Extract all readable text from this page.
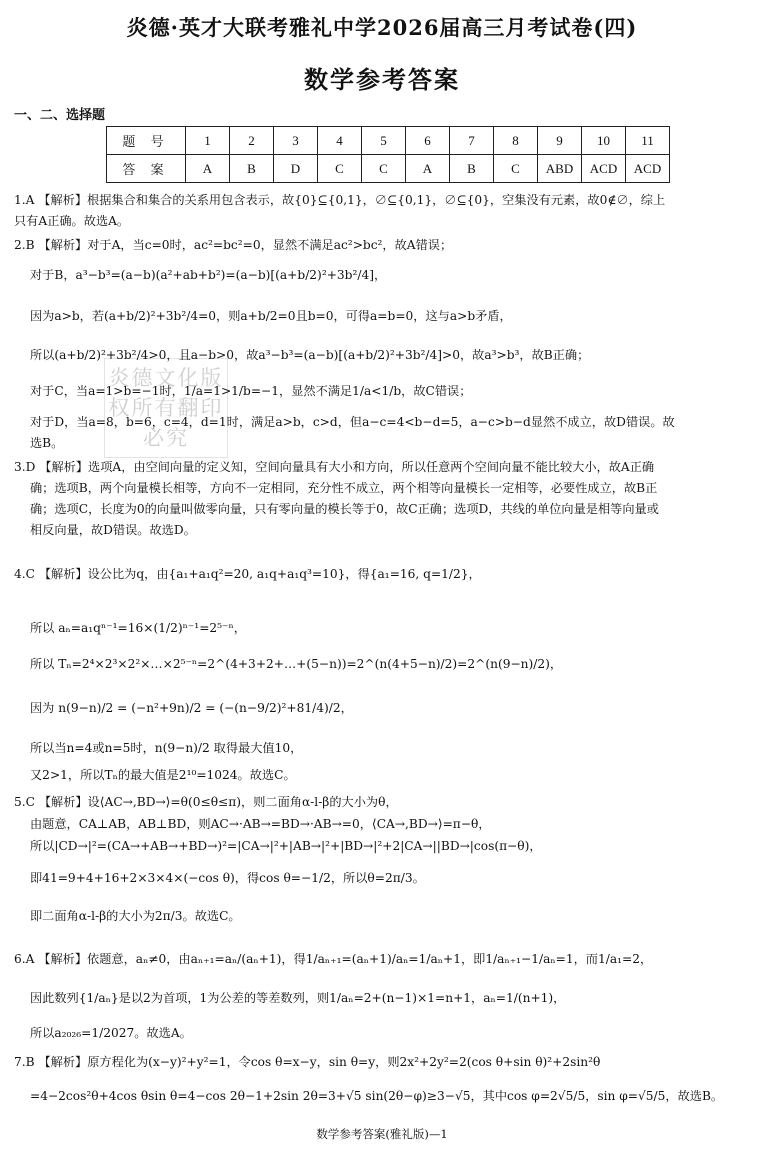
炎德·英才大联考雅礼中学2026届高三月考试卷(四)
数学参考答案
一、二、选择题
题 号	1	2	3	4	5	6	7	8	9	10	11
答 案	A	B	D	C	C	A	B	C	ABD	ACD	ACD
炎德文化版权所有翻印必究
1.A 【解析】根据集合和集合的关系用包含表示，故{0}⊆{0,1}，∅⊆{0,1}，∅⊆{0}，空集没有元素，故0∉∅，综上
只有A正确。故选A。
2.B 【解析】对于A，当c=0时，ac²=bc²=0，显然不满足ac²>bc²，故A错误；
对于B，a³−b³=(a−b)(a²+ab+b²)=(a−b)[(a+b/2)²+3b²/4]，
因为a>b，若(a+b/2)²+3b²/4=0，则a+b/2=0且b=0，可得a=b=0，这与a>b矛盾，
所以(a+b/2)²+3b²/4>0，且a−b>0，故a³−b³=(a−b)[(a+b/2)²+3b²/4]>0，故a³>b³，故B正确；
对于C，当a=1>b=−1时，1/a=1>1/b=−1，显然不满足1/a<1/b，故C错误；
对于D，当a=8，b=6，c=4，d=1时，满足a>b，c>d，但a−c=4<b−d=5，a−c>b−d显然不成立，故D错误。故
选B。
3.D 【解析】选项A，由空间向量的定义知，空间向量具有大小和方向，所以任意两个空间向量不能比较大小，故A正确
确；选项B，两个向量模长相等，方向不一定相同，充分性不成立，两个相等向量模长一定相等，必要性成立，故B正
确；选项C，长度为0的向量叫做零向量，只有零向量的模长等于0，故C正确；选项D，共线的单位向量是相等向量或
相反向量，故D错误。故选D。
4.C 【解析】设公比为q，由{a₁+a₁q²=20, a₁q+a₁q³=10}，得{a₁=16, q=1/2}，
所以 aₙ=a₁qⁿ⁻¹=16×(1/2)ⁿ⁻¹=2⁵⁻ⁿ，
所以 Tₙ=2⁴×2³×2²×…×2⁵⁻ⁿ=2^(4+3+2+…+(5−n))=2^(n(4+5−n)/2)=2^(n(9−n)/2)，
因为 n(9−n)/2 = (−n²+9n)/2 = (−(n−9/2)²+81/4)/2，
所以当n=4或n=5时，n(9−n)/2 取得最大值10，
又2>1，所以Tₙ的最大值是2¹⁰=1024。故选C。
5.C 【解析】设⟨AC→,BD→⟩=θ(0≤θ≤π)，则二面角α-l-β的大小为θ，
由题意，CA⊥AB，AB⊥BD，则AC→·AB→=BD→·AB→=0，⟨CA→,BD→⟩=π−θ，
所以|CD→|²=(CA→+AB→+BD→)²=|CA→|²+|AB→|²+|BD→|²+2|CA→||BD→|cos(π−θ)，
即41=9+4+16+2×3×4×(−cos θ)，得cos θ=−1/2，所以θ=2π/3。
即二面角α-l-β的大小为2π/3。故选C。
6.A 【解析】依题意，aₙ≠0，由aₙ₊₁=aₙ/(aₙ+1)，得1/aₙ₊₁=(aₙ+1)/aₙ=1/aₙ+1，即1/aₙ₊₁−1/aₙ=1，而1/a₁=2，
因此数列{1/aₙ}是以2为首项，1为公差的等差数列，则1/aₙ=2+(n−1)×1=n+1，aₙ=1/(n+1)，
所以a₂₀₂₆=1/2027。故选A。
7.B 【解析】原方程化为(x−y)²+y²=1，令cos θ=x−y，sin θ=y，则2x²+2y²=2(cos θ+sin θ)²+2sin²θ
=4−2cos²θ+4cos θsin θ=4−cos 2θ−1+2sin 2θ=3+√5 sin(2θ−φ)≥3−√5，其中cos φ=2√5/5，sin φ=√5/5，故选B。
数学参考答案(雅礼版)—1
